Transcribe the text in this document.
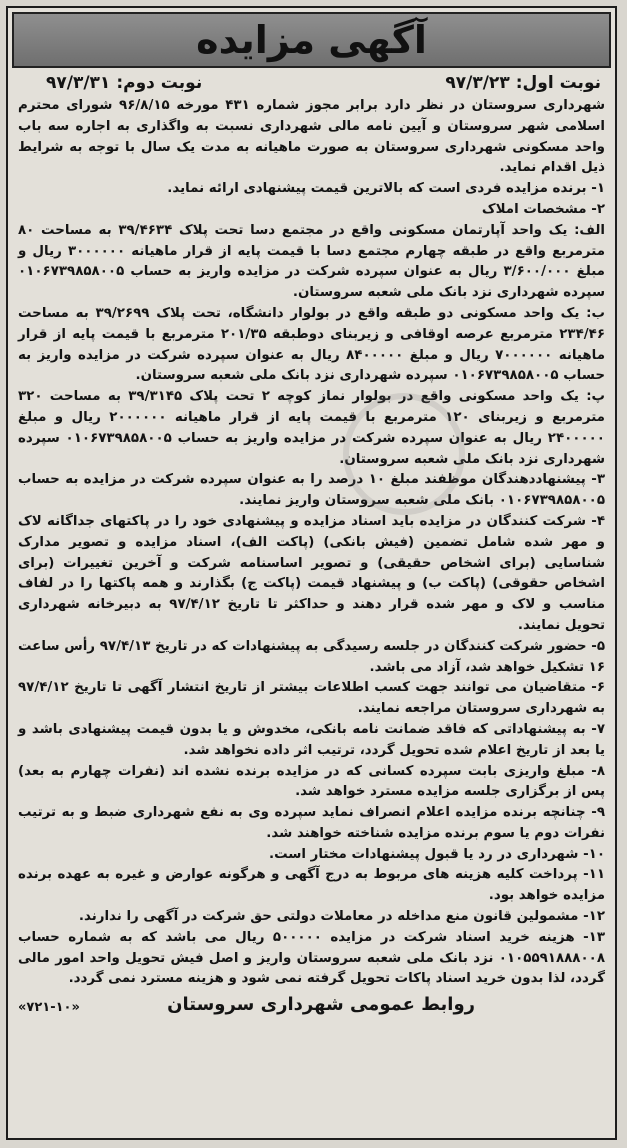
آگهی مزایده
نوبت اول:
۹۷/۳/۲۳
نوبت دوم:
۹۷/۳/۳۱

شهرداری سروستان در نظر دارد برابر مجوز شماره ۴۳۱ مورخه ۹۶/۸/۱۵ شورای محترم اسلامی شهر سروستان و آیین نامه مالی شهرداری نسبت به واگذاری به اجاره سه باب واحد مسکونی شهرداری سروستان به صورت ماهیانه به مدت یک سال با توجه به شرایط ذیل اقدام نماید.

۱- برنده مزایده فردی است که بالاترین قیمت پیشنهادی ارائه نماید.

۲- مشخصات املاک

الف: یک واحد آپارتمان مسکونی واقع در مجتمع دسا تحت پلاک ۳۹/۴۶۳۴ به مساحت ۸۰ مترمربع واقع در طبقه چهارم مجتمع دسا با قیمت پایه از قرار ماهیانه ۳۰۰۰۰۰۰ ریال و مبلغ ۳/۶۰۰/۰۰۰ ریال به عنوان سپرده شرکت در مزایده واریز به حساب ۰۱۰۶۷۳۹۸۵۸۰۰۵ سپرده شهرداری نزد بانک ملی شعبه سروستان.

ب: یک واحد مسکونی دو طبقه واقع در بولوار دانشگاه، تحت پلاک ۳۹/۲۶۹۹ به مساحت ۲۳۴/۴۶ مترمربع عرصه اوقافی و زیربنای دوطبقه ۲۰۱/۳۵ مترمربع با قیمت پایه از قرار ماهیانه ۷۰۰۰۰۰۰ ریال و مبلغ ۸۴۰۰۰۰۰ ریال به عنوان سپرده شرکت در مزایده واریز به حساب ۰۱۰۶۷۳۹۸۵۸۰۰۵ سپرده شهرداری نزد بانک ملی شعبه سروستان.

پ: یک واحد مسکونی واقع در بولوار نماز کوچه ۲ تحت پلاک ۳۹/۳۱۴۵ به مساحت ۳۲۰ مترمربع و زیربنای ۱۲۰ مترمربع با قیمت پایه از قرار ماهیانه ۲۰۰۰۰۰۰ ریال و مبلغ ۲۴۰۰۰۰۰ ریال به عنوان سپرده شرکت در مزایده واریز به حساب ۰۱۰۶۷۳۹۸۵۸۰۰۵ سپرده شهرداری نزد بانک ملی شعبه سروستان.

۳- پیشنهاددهندگان موظفند مبلغ ۱۰ درصد را به عنوان سپرده شرکت در مزایده به حساب ۰۱۰۶۷۳۹۸۵۸۰۰۵ بانک ملی شعبه سروستان واریز نمایند.

۴- شرکت کنندگان در مزایده باید اسناد مزایده و پیشنهادی خود را در پاکتهای جداگانه لاک و مهر شده شامل تضمین (فیش بانکی) (پاکت الف)، اسناد مزایده و تصویر مدارک شناسایی (برای اشخاص حقیقی) و تصویر اساسنامه شرکت و آخرین تغییرات (برای اشخاص حقوقی) (پاکت ب) و پیشنهاد قیمت (پاکت ج) بگذارند و همه پاکتها را در لفاف مناسب و لاک و مهر شده قرار دهند و حداکثر تا تاریخ ۹۷/۴/۱۲ به دبیرخانه شهرداری تحویل نمایند.

۵- حضور شرکت کنندگان در جلسه رسیدگی به پیشنهادات که در تاریخ ۹۷/۴/۱۳ رأس ساعت ۱۶ تشکیل خواهد شد، آزاد می باشد.

۶- متقاضیان می توانند جهت کسب اطلاعات بیشتر از تاریخ انتشار آگهی تا تاریخ ۹۷/۴/۱۲ به شهرداری سروستان مراجعه نمایند.

۷- به پیشنهاداتی که فاقد ضمانت نامه بانکی، مخدوش و یا بدون قیمت پیشنهادی باشد و یا بعد از تاریخ اعلام شده تحویل گردد، ترتیب اثر داده نخواهد شد.

۸- مبلغ واریزی بابت سپرده کسانی که در مزایده برنده نشده اند (نفرات چهارم به بعد) پس از برگزاری جلسه مزایده مسترد خواهد شد.

۹- چنانچه برنده مزایده اعلام انصراف نماید سپرده وی به نفع شهرداری ضبط و به ترتیب نفرات دوم یا سوم برنده مزایده شناخته خواهند شد.

۱۰- شهرداری در رد یا قبول پیشنهادات مختار است.

۱۱- پرداخت کلیه هزینه های مربوط به درج آگهی و هرگونه عوارض و غیره به عهده برنده مزایده خواهد بود.

۱۲- مشمولین قانون منع مداخله در معاملات دولتی حق شرکت در آگهی را ندارند.

۱۳- هزینه خرید اسناد شرکت در مزایده ۵۰۰۰۰۰ ریال می باشد که به شماره حساب ۰۱۰۵۵۹۱۸۸۸۰۰۸ نزد بانک ملی شعبه سروستان واریز و اصل فیش تحویل واحد امور مالی گردد، لذا بدون خرید اسناد پاکات تحویل گرفته نمی شود و هزینه مسترد نمی گردد.

روابط عمومی شهرداری سروستان
«۷۲۱-۱۰»
